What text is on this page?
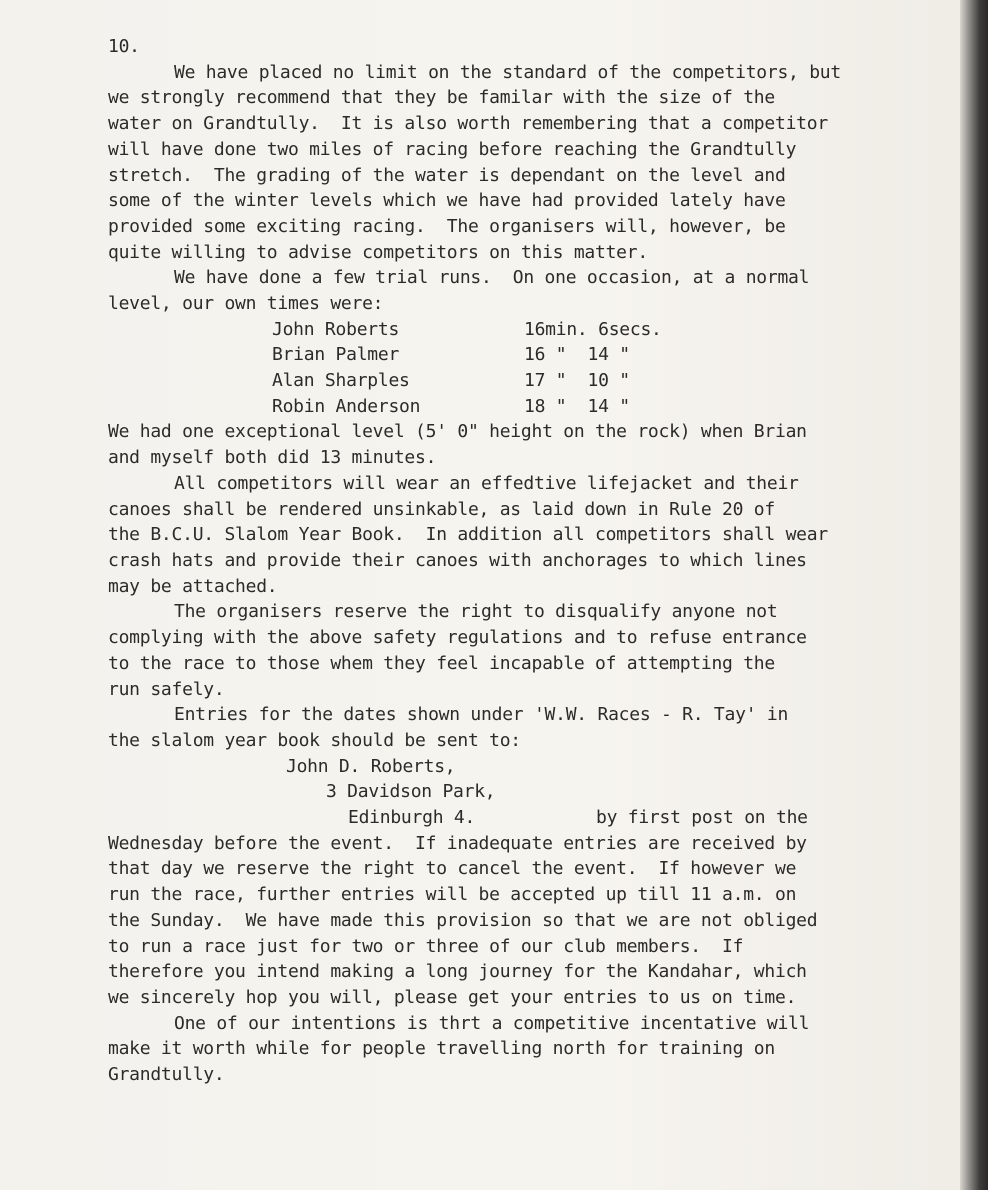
10.

We have placed no limit on the standard of the competitors, but

we strongly recommend that they be familar with the size of the

water on Grandtully.  It is also worth remembering that a competitor

will have done two miles of racing before reaching the Grandtully

stretch.  The grading of the water is dependant on the level and

some of the winter levels which we have had provided lately have

provided some exciting racing.  The organisers will, however, be

quite willing to advise competitors on this matter.

We have done a few trial runs.  On one occasion, at a normal

level, our own times were:

John Roberts	16min. 6secs.
Brian Palmer	16 "  14 "
Alan Sharples	17 "  10 "
Robin Anderson	18 "  14 "

We had one exceptional level (5' 0" height on the rock) when Brian

and myself both did 13 minutes.

All competitors will wear an effedtive lifejacket and their

canoes shall be rendered unsinkable, as laid down in Rule 20 of

the B.C.U. Slalom Year Book.  In addition all competitors shall wear

crash hats and provide their canoes with anchorages to which lines

may be attached.

The organisers reserve the right to disqualify anyone not

complying with the above safety regulations and to refuse entrance

to the race to those whem they feel incapable of attempting the

run safely.

Entries for the dates shown under 'W.W. Races - R. Tay' in

the slalom year book should be sent to:

John D. Roberts,

3 Davidson Park,

Edinburgh 4.	by first post on the

Wednesday before the event.  If inadequate entries are received by

that day we reserve the right to cancel the event.  If however we

run the race, further entries will be accepted up till 11 a.m. on

the Sunday.  We have made this provision so that we are not obliged

to run a race just for two or three of our club members.  If

therefore you intend making a long journey for the Kandahar, which

we sincerely hop you will, please get your entries to us on time.

One of our intentions is thrt a competitive incentative will

make it worth while for people travelling north for training on

Grandtully.
